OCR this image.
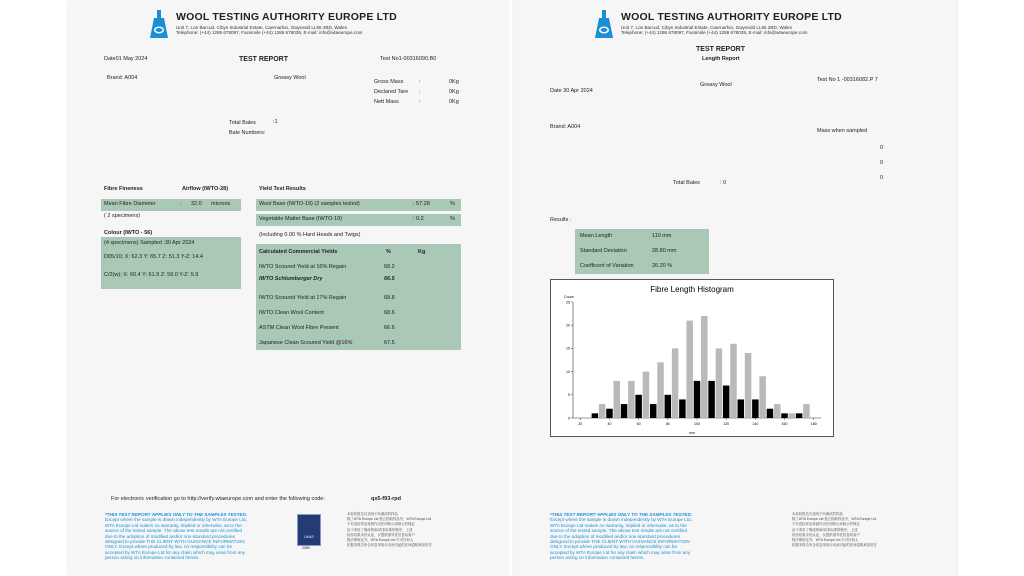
WOOL TESTING AUTHORITY EUROPE LTD
Unit 7, Lon Barcud, Cibyn Industrial Estate, Caernarfon, Gwynedd LL55 2BD, Wales
Telephone: (+44) 1286 678097, Facsimile (+44) 1286 678039, E-mail: info@wtaeurope.com
Date01 May 2024	TEST REPORT	Test No1-00316090.B0
Brand: A004	Greasy Wool
Gross Mass	:	0Kg
Declared Tare :	0Kg
Nett Mass	:	0Kg
Total Bales	:1
Bale Numbers:
Fibre Fineness	Airflow (IWTO-28)
Mean Fibre Diameter	: 32.0 microns
( 2 specimens)
Colour (IWTO - 56)
(4 specimens) Sampled :30 Apr 2024
D65/10; X: 62.3 Y: 65.7 Z: 51.3 Y-Z: 14.4
C/2(w); X: 60.4 Y: 61.9 Z: 56.0 Y-Z: 5.9
Yield Test Results
Wool Base (IWTO-19) (2 samples tested)	: 57.28	%
Vegetable Matter Base (IWTO-19)	: 0.2	%
(Including 0.00 % Hard Heads and Twigs)
Calculated Commercial Yields	%	Kg
IWTO Scoured Yield at 16% Regain	68.2
IWTO Schlumberger Dry	66.5
IWTO Scoured Yield at 17% Regain	68.8
IWTO Clean Wool Content	68.6
ASTM Clean Wool Fibre Present	66.6
Japanese Clean Scoured Yield @16%	67.5
For electronic verification go to http://verify.wtaeurope.com and enter the following code:	qs5-f93-rpd
*THIS TEST REPORT APPLIES ONLY TO THE SAMPLES TESTED.
Except where the sample is drawn independently by WTA Europe Ltd,
WTA Europe Ltd makes no warranty, implied or otherwise, as to the
source of the tested sample. The above test results are not certified
due to the adoption of modified and/or non-standard procedures
designed to provide THE CLIENT WITH GUIDANCE INFORMATION
ONLY. Except where produced by law, no responsibility can be
accepted by WTA Europe Ltd for any claim which may arise from any
person acting on information contained herein.
UKAS
2080
本检验报告仅适用于所测试的样品
除了WTA Europe Ltd 独立抽取样品外，WTA Europe Ltd
不对送检样品来源作出任何明示或暗示的保证
由于采用了修改的和/或非标准的程序，上述
检验结果未经认证，仅提供指导性信息给客户
除法律规定外，WTA Europe Ltd 不对任何人
依据本报告所含信息采取行动而引起的任何索赔承担责任
WOOL TESTING AUTHORITY EUROPE LTD
Unit 7, Lon Barcud, Cibyn Industrial Estate, Caernarfon, Gwynedd LL55 2BD, Wales
Telephone: (+44) 1286 678097, Facsimile (+44) 1286 678039, E-mail: info@wtaeurope.com
TEST REPORT
Length Report
Test No 1 -00316082.P 7
Greasy Wool
Date 30 Apr 2024
Brand: A004
Mass when sampled
0
0
0
Total Bales	: 0
Results :
Mean Length	110 mm
Standard Deviation	28.80 mm
Coefficent of Variation	26.20 %
Fibre Length Histogram
Count
mm
0
5
10
15
20
25
20	40	60	80	100	120	140	160	180
*THIS TEST REPORT APPLIES ONLY TO THE SAMPLES TESTED.
Except where the sample is drawn independently by WTA Europe Ltd,
WTA Europe Ltd makes no warranty, implied or otherwise, as to the
source of the tested sample. The above test results are not certified
due to the adoption of modified and/or non-standard procedures
designed to provide THE CLIENT WITH GUIDANCE INFORMATION
ONLY. Except where produced by law, no responsibility can be
accepted by WTA Europe Ltd for any claim which may arise from any
person acting on information contained herein.
本检验报告仅适用于所测试的样品
除了WTA Europe Ltd 独立抽取样品外，WTA Europe Ltd
不对送检样品来源作出任何明示或暗示的保证
由于采用了修改的和/或非标准的程序，上述
检验结果未经认证，仅提供指导性信息给客户
除法律规定外，WTA Europe Ltd 不对任何人
依据本报告所含信息采取行动而引起的任何索赔承担责任
